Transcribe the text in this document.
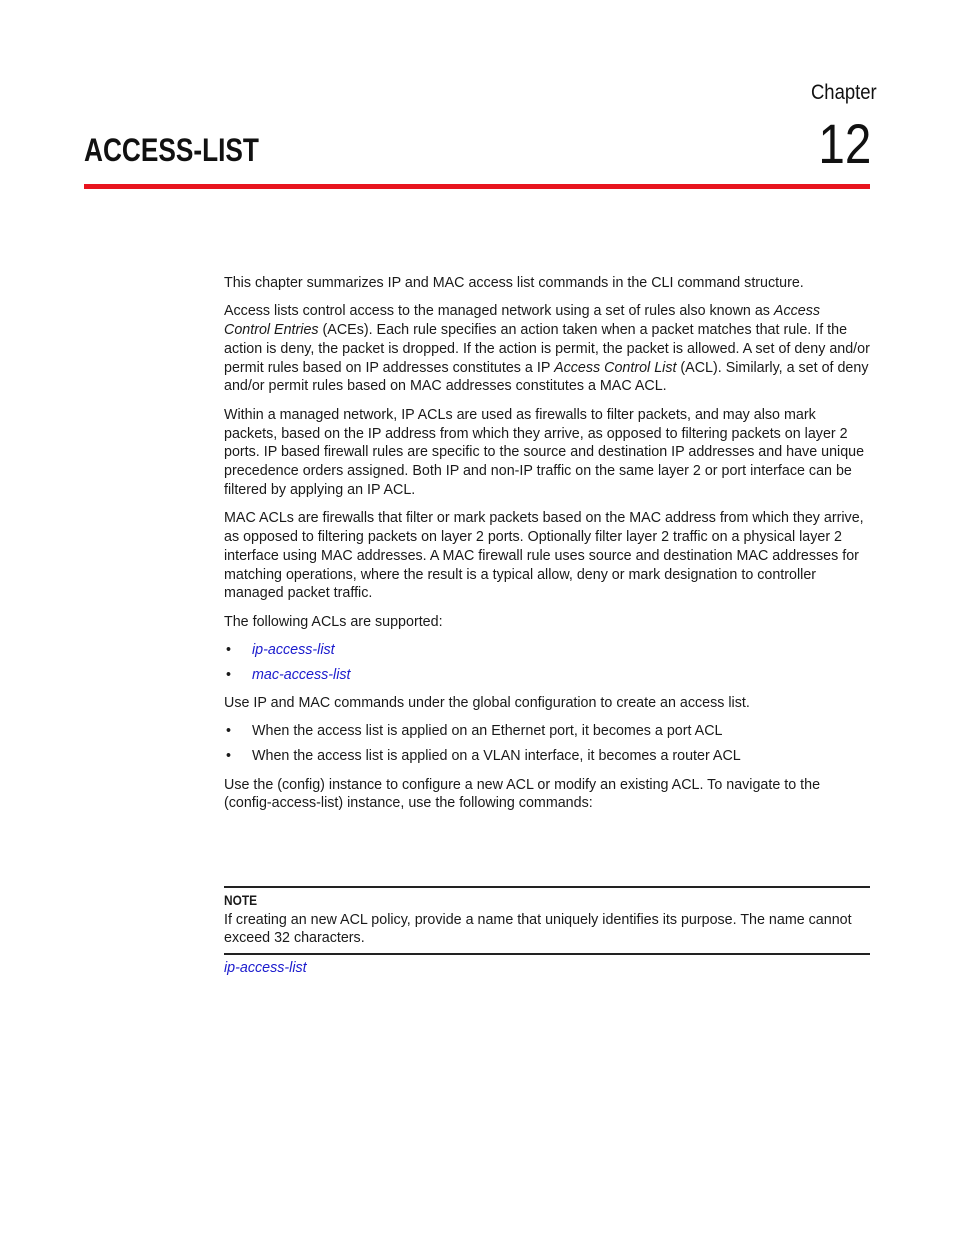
Chapter
12
ACCESS-LIST

This chapter summarizes IP and MAC access list commands in the CLI command structure.

Access lists control access to the managed network using a set of rules also known as Access Control Entries (ACEs). Each rule specifies an action taken when a packet matches that rule. If the action is deny, the packet is dropped. If the action is permit, the packet is allowed. A set of deny and/or permit rules based on IP addresses constitutes a IP Access Control List (ACL). Similarly, a set of deny and/or permit rules based on MAC addresses constitutes a MAC ACL.

Within a managed network, IP ACLs are used as firewalls to filter packets, and may also mark packets, based on the IP address from which they arrive, as opposed to filtering packets on layer 2 ports. IP based firewall rules are specific to the source and destination IP addresses and have unique precedence orders assigned. Both IP and non-IP traffic on the same layer 2 or port interface can be filtered by applying an IP ACL.

MAC ACLs are firewalls that filter or mark packets based on the MAC address from which they arrive, as opposed to filtering packets on layer 2 ports. Optionally filter layer 2 traffic on a physical layer 2 interface using MAC addresses. A MAC firewall rule uses source and destination MAC addresses for matching operations, where the result is a typical allow, deny or mark designation to controller managed packet traffic.

The following ACLs are supported:

• ip-access-list
• mac-access-list

Use IP and MAC commands under the global configuration to create an access list.

• When the access list is applied on an Ethernet port, it becomes a port ACL
• When the access list is applied on a VLAN interface, it becomes a router ACL

Use the (config) instance to configure a new ACL or modify an existing ACL. To navigate to the (config-access-list) instance, use the following commands:

NOTE

If creating an new ACL policy, provide a name that uniquely identifies its purpose. The name cannot exceed 32 characters.

ip-access-list
